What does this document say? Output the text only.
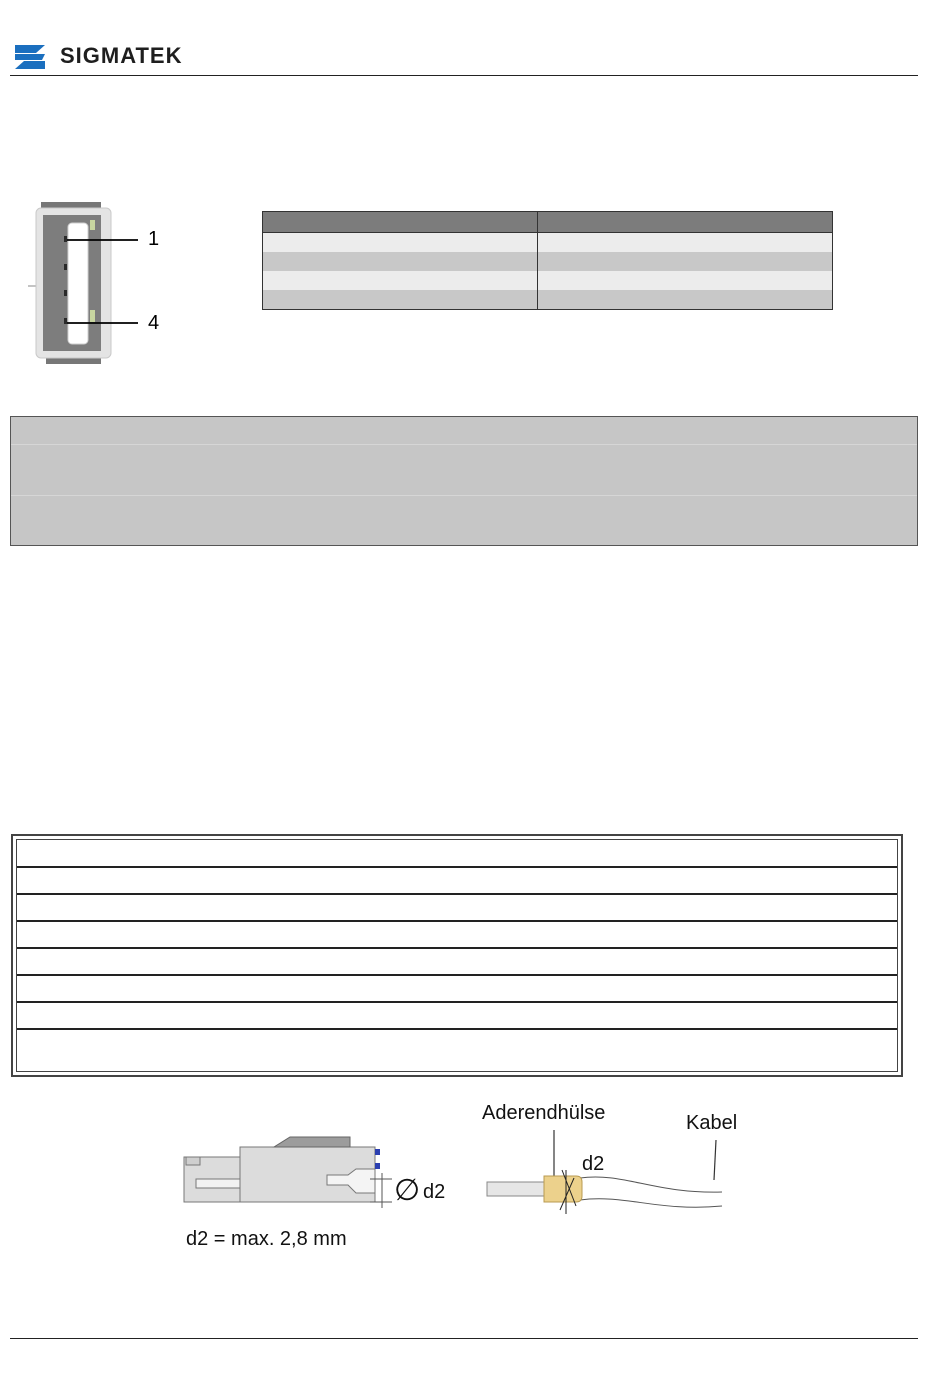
SIGMATEK
1
4

∅ d2
d2 = max. 2,8 mm
Aderendhülse	Kabel
d2
